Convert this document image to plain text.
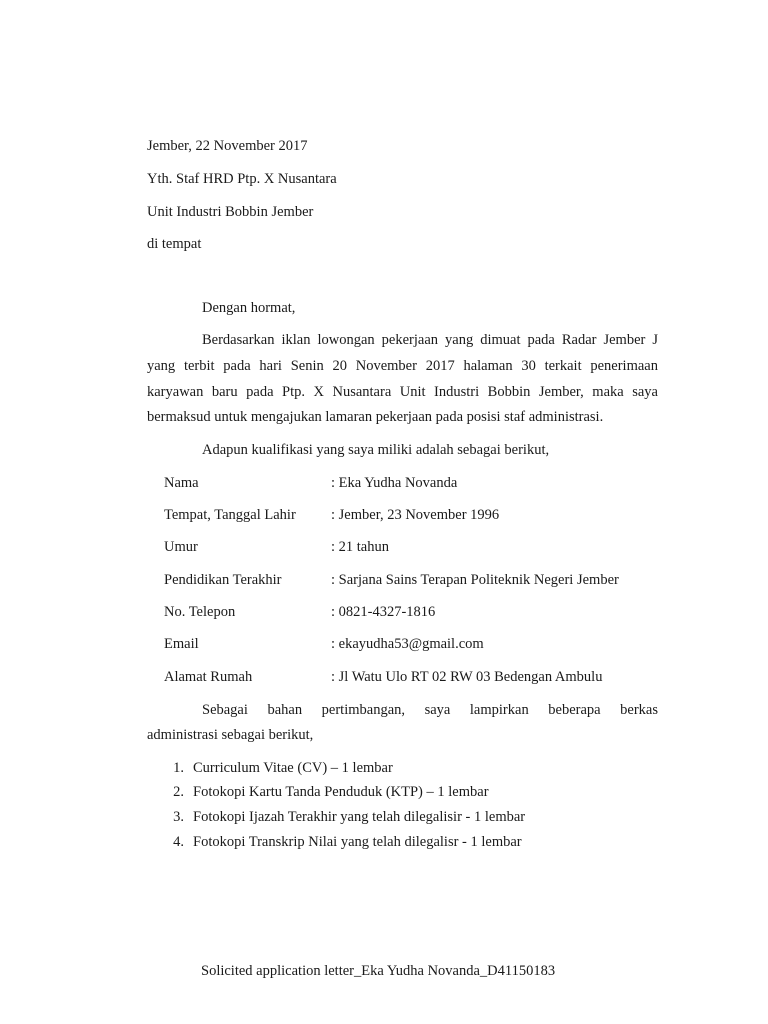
Jember, 22 November 2017
Yth. Staf HRD Ptp. X Nusantara
Unit Industri Bobbin Jember
di tempat
Dengan hormat,
Berdasarkan iklan lowongan pekerjaan yang dimuat pada Radar Jember J
yang terbit pada hari Senin 20 November 2017 halaman 30 terkait penerimaan
karyawan baru pada Ptp. X Nusantara Unit Industri Bobbin Jember, maka saya
bermaksud untuk mengajukan lamaran pekerjaan pada posisi staf administrasi.
Adapun kualifikasi yang saya miliki adalah sebagai berikut,
Nama	: Eka Yudha Novanda
Tempat, Tanggal Lahir : Jember, 23 November 1996
Umur	: 21 tahun
Pendidikan Terakhir	: Sarjana Sains Terapan Politeknik Negeri Jember
No. Telepon	: 0821-4327-1816
Email	: ekayudha53@gmail.com
Alamat Rumah	: Jl Watu Ulo RT 02 RW 03 Bedengan Ambulu
Sebagai bahan pertimbangan, saya lampirkan beberapa berkas
administrasi sebagai berikut,
1. Curriculum Vitae (CV) – 1 lembar
2. Fotokopi Kartu Tanda Penduduk (KTP) – 1 lembar
3. Fotokopi Ijazah Terakhir yang telah dilegalisir - 1 lembar
4. Fotokopi Transkrip Nilai yang telah dilegalisr - 1 lembar
Solicited application letter_Eka Yudha Novanda_D41150183
